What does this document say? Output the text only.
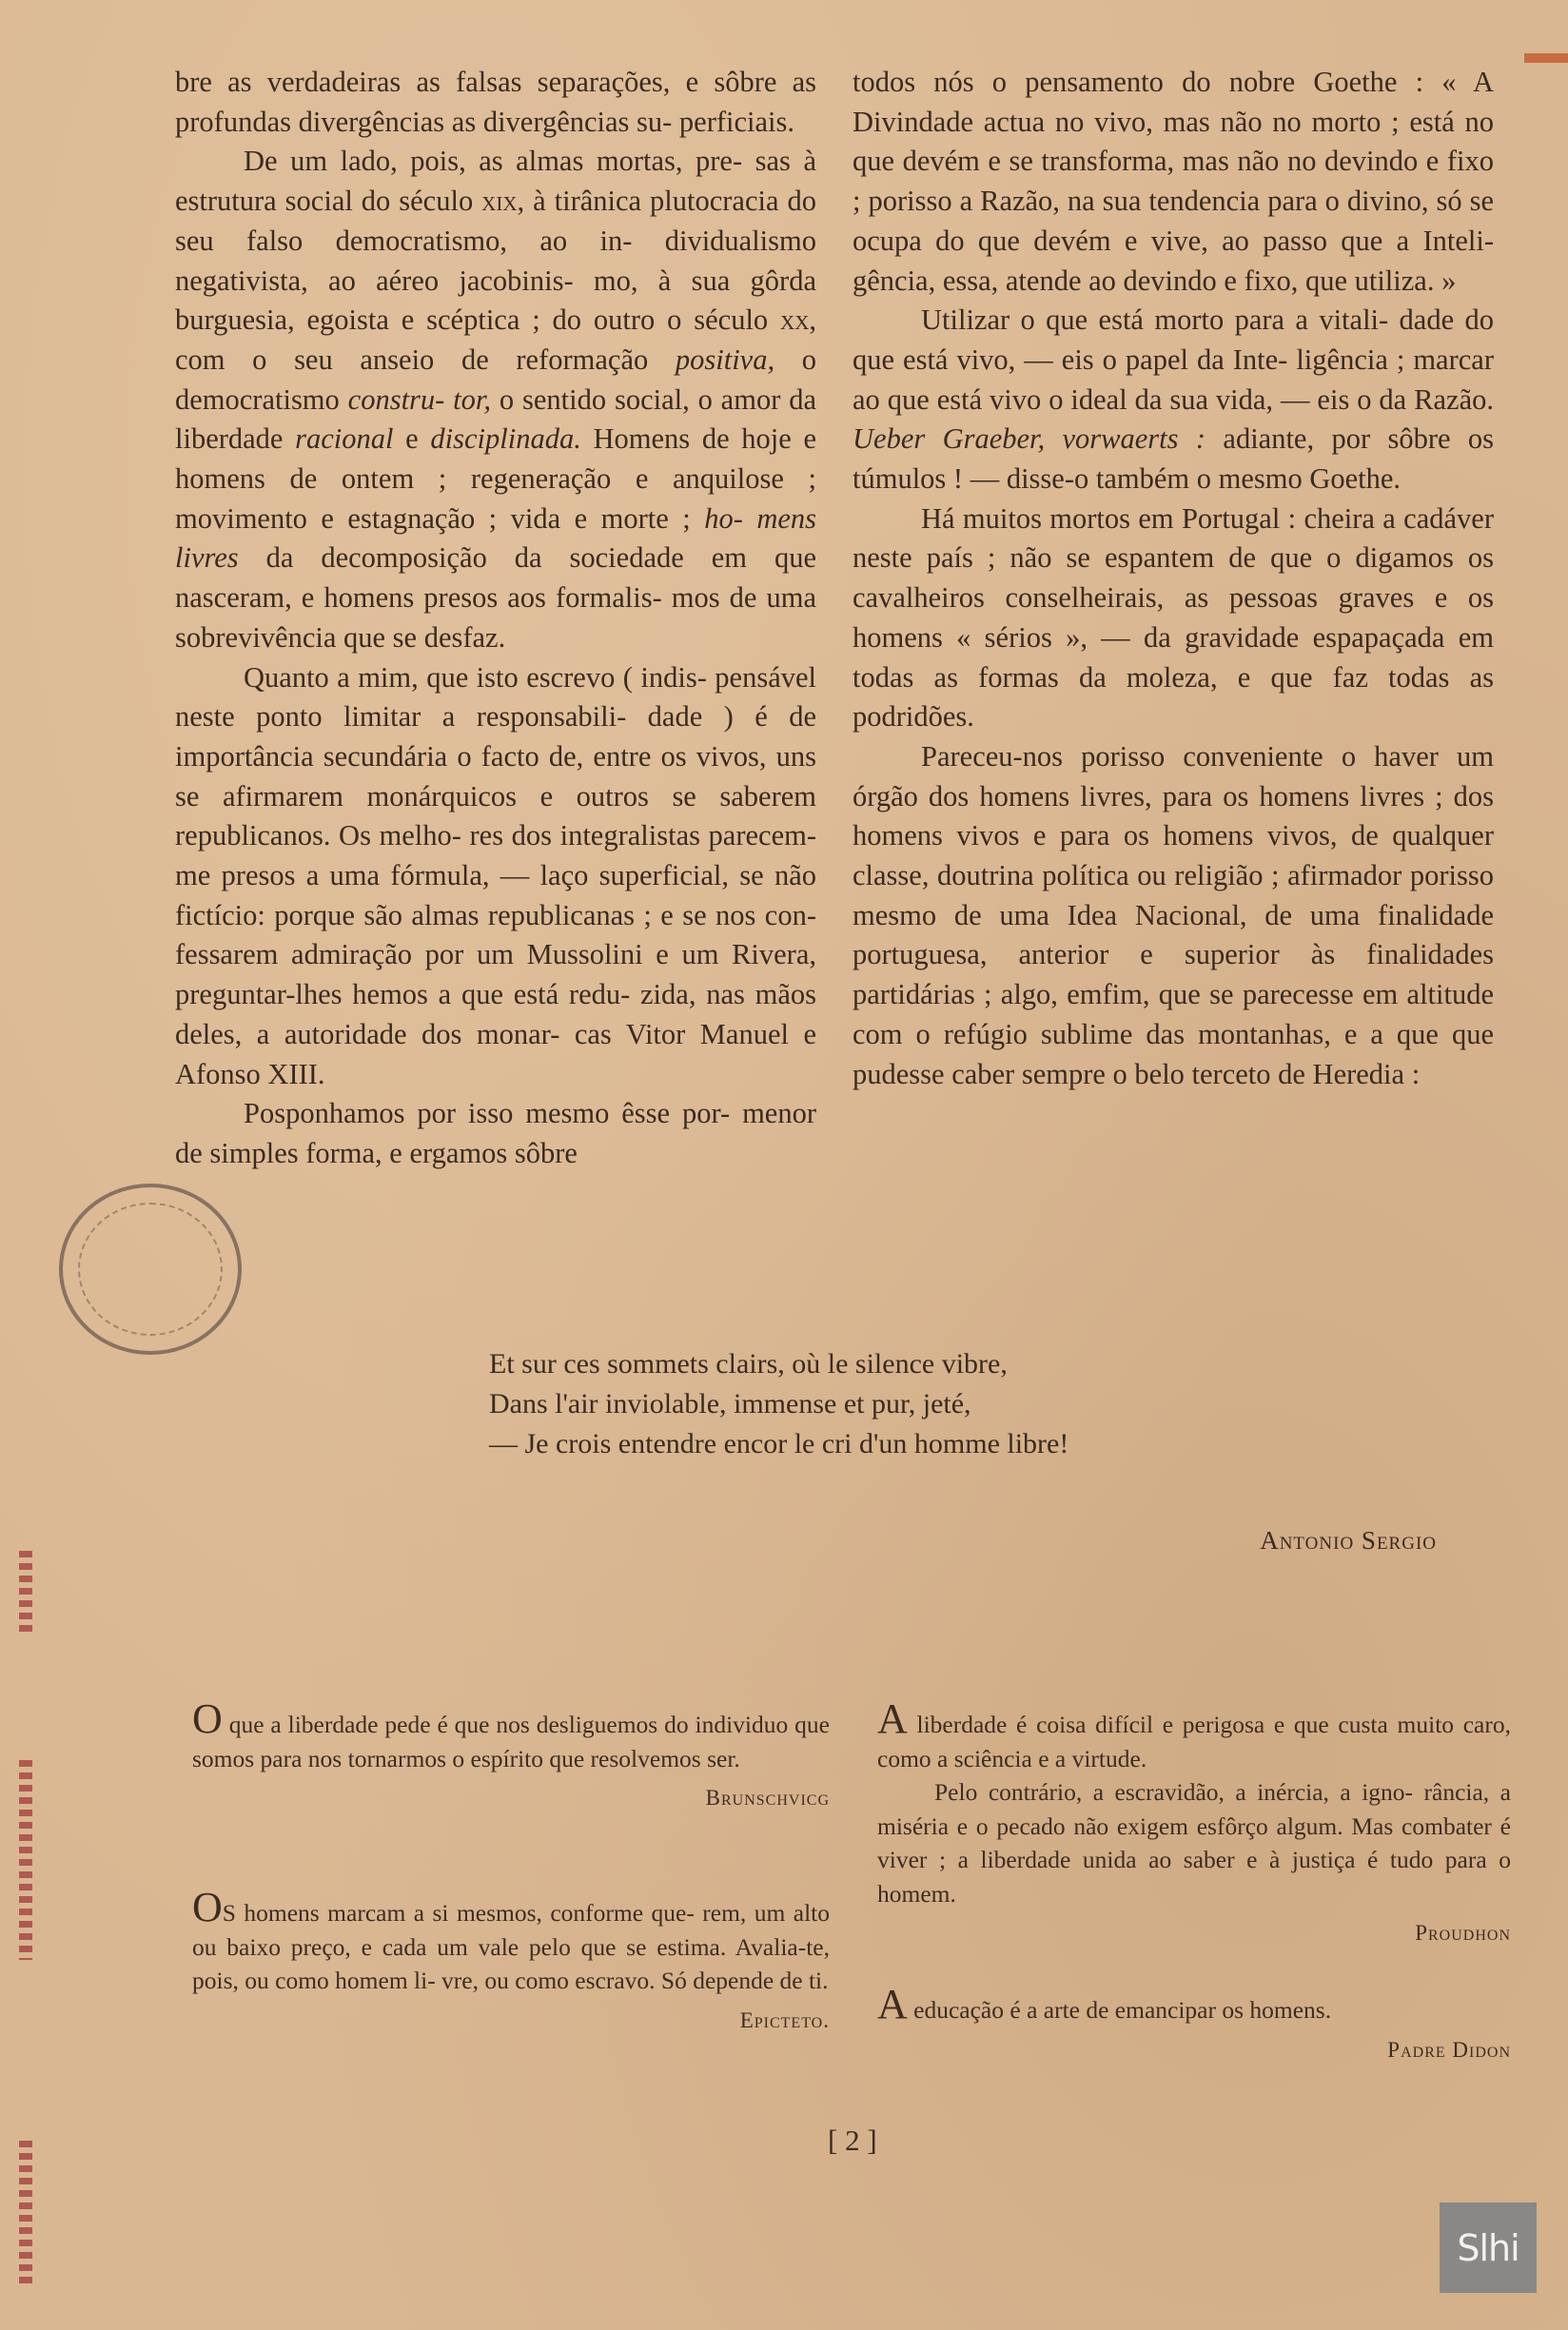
bre as verdadeiras as falsas separações, e sôbre as profundas divergências as divergências su- perficiais.

De um lado, pois, as almas mortas, pre- sas à estrutura social do século xix, à tirânica plutocracia do seu falso democratismo, ao in- dividualismo negativista, ao aéreo jacobinis- mo, à sua gôrda burguesia, egoista e scéptica ; do outro o século xx, com o seu anseio de reformação positiva, o democratismo constru- tor, o sentido social, o amor da liberdade racional e disciplinada. Homens de hoje e homens de ontem ; regeneração e anquilose ; movimento e estagnação ; vida e morte ; ho- mens livres da decomposição da sociedade em que nasceram, e homens presos aos formalis- mos de uma sobrevivência que se desfaz.

Quanto a mim, que isto escrevo ( indis- pensável neste ponto limitar a responsabili- dade ) é de importância secundária o facto de, entre os vivos, uns se afirmarem monárquicos e outros se saberem republicanos. Os melho- res dos integralistas parecem-me presos a uma fórmula, — laço superficial, se não fictício: porque são almas republicanas ; e se nos con- fessarem admiração por um Mussolini e um Rivera, preguntar-lhes hemos a que está redu- zida, nas mãos deles, a autoridade dos monar- cas Vitor Manuel e Afonso XIII.

Posponhamos por isso mesmo êsse por- menor de simples forma, e ergamos sôbre

todos nós o pensamento do nobre Goethe : « A Divindade actua no vivo, mas não no morto ; está no que devém e se transforma, mas não no devindo e fixo ; porisso a Razão, na sua tendencia para o divino, só se ocupa do que devém e vive, ao passo que a Inteli- gência, essa, atende ao devindo e fixo, que utiliza. »

Utilizar o que está morto para a vitali- dade do que está vivo, — eis o papel da Inte- ligência ; marcar ao que está vivo o ideal da sua vida, — eis o da Razão. Ueber Graeber, vorwaerts : adiante, por sôbre os túmulos ! — disse-o também o mesmo Goethe.

Há muitos mortos em Portugal : cheira a cadáver neste país ; não se espantem de que o digamos os cavalheiros conselheirais, as pessoas graves e os homens « sérios », — da gravidade espapaçada em todas as formas da moleza, e que faz todas as podridões.

Pareceu-nos porisso conveniente o haver um órgão dos homens livres, para os homens livres ; dos homens vivos e para os homens vivos, de qualquer classe, doutrina política ou religião ; afirmador porisso mesmo de uma Idea Nacional, de uma finalidade portuguesa, anterior e superior às finalidades partidárias ; algo, emfim, que se parecesse em altitude com o refúgio sublime das montanhas, e a que que pudesse caber sempre o belo terceto de Heredia :

Et sur ces sommets clairs, où le silence vibre,
Dans l'air inviolable, immense et pur, jeté,
— Je crois entendre encor le cri d'un homme libre!
Antonio Sergio

O que a liberdade pede é que nos desliguemos do individuo que somos para nos tornarmos o espírito que resolvemos ser.

Brunschvicg

OS homens marcam a si mesmos, conforme que- rem, um alto ou baixo preço, e cada um vale pelo que se estima. Avalia-te, pois, ou como homem li- vre, ou como escravo. Só depende de ti.

Epicteto.

A liberdade é coisa difícil e perigosa e que custa muito caro, como a sciência e a virtude.

Pelo contrário, a escravidão, a inércia, a igno- rância, a miséria e o pecado não exigem esfôrço algum. Mas combater é viver ; a liberdade unida ao saber e à justiça é tudo para o homem.

Proudhon

A educação é a arte de emancipar os homens.

Padre Didon
[ 2 ]
Slhi
